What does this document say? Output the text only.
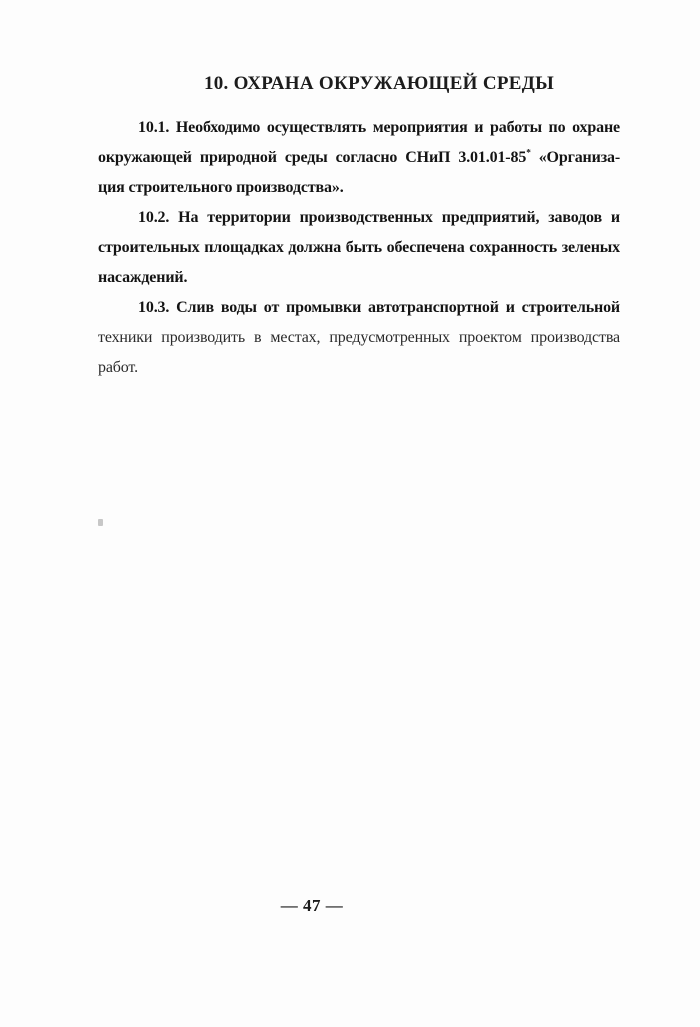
10. ОХРАНА ОКРУЖАЮЩЕЙ СРЕДЫ

10.1. Необходимо осуществлять мероприятия и работы по охране
окружающей природной среды согласно СНиП 3.01.01-85* «Организа-
ция строительного производства».

10.2. На территории производственных предприятий, заводов и
строительных площадках должна быть обеспечена сохранность зеленых
насаждений.

10.3. Слив воды от промывки автотранспортной и строительной
техники производить в местах, предусмотренных проектом производства
работ.

— 47 —
